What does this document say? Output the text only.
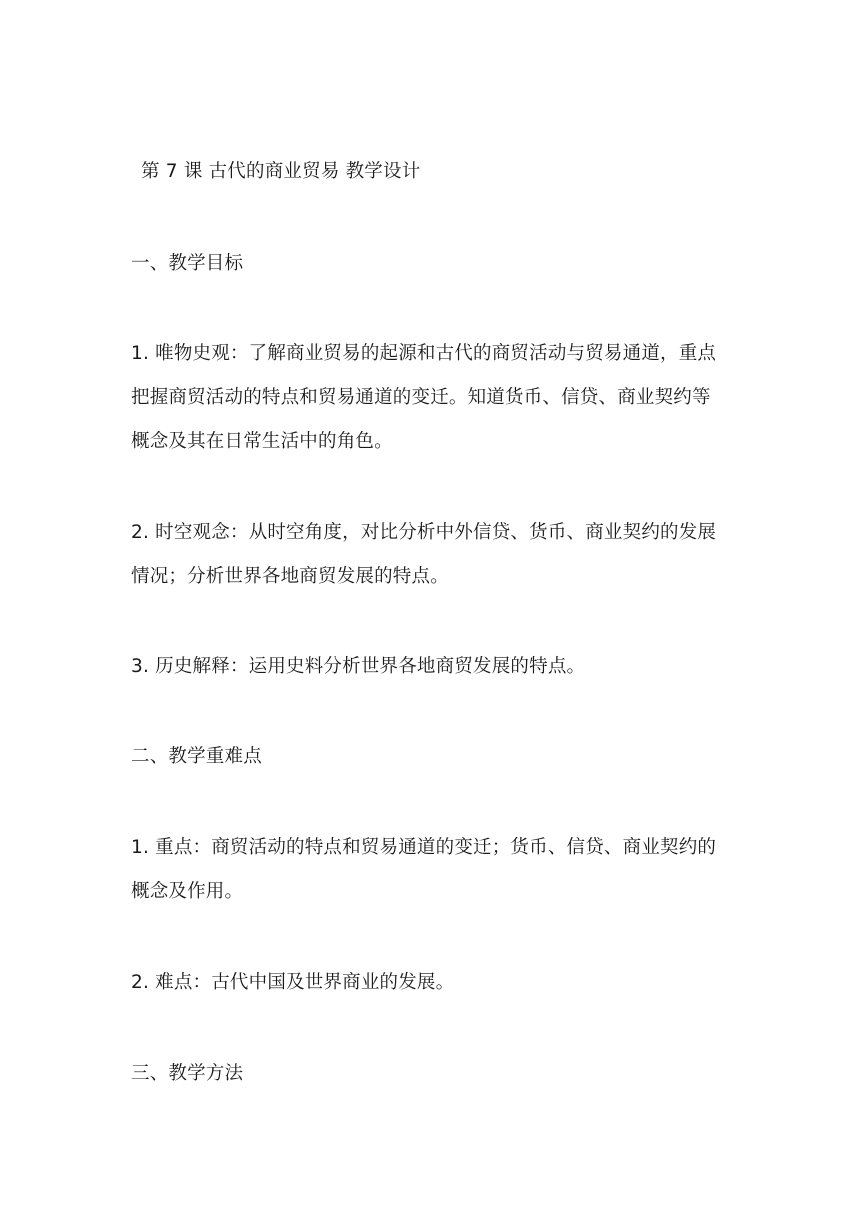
第 7 课 古代的商业贸易 教学设计
一、教学目标
1. 唯物史观：了解商业贸易的起源和古代的商贸活动与贸易通道，重点
把握商贸活动的特点和贸易通道的变迁。知道货币、信贷、商业契约等
概念及其在日常生活中的角色。
2. 时空观念：从时空角度，对比分析中外信贷、货币、商业契约的发展
情况；分析世界各地商贸发展的特点。
3. 历史解释：运用史料分析世界各地商贸发展的特点。
二、教学重难点
1. 重点：商贸活动的特点和贸易通道的变迁；货币、信贷、商业契约的
概念及作用。
2. 难点：古代中国及世界商业的发展。
三、教学方法
